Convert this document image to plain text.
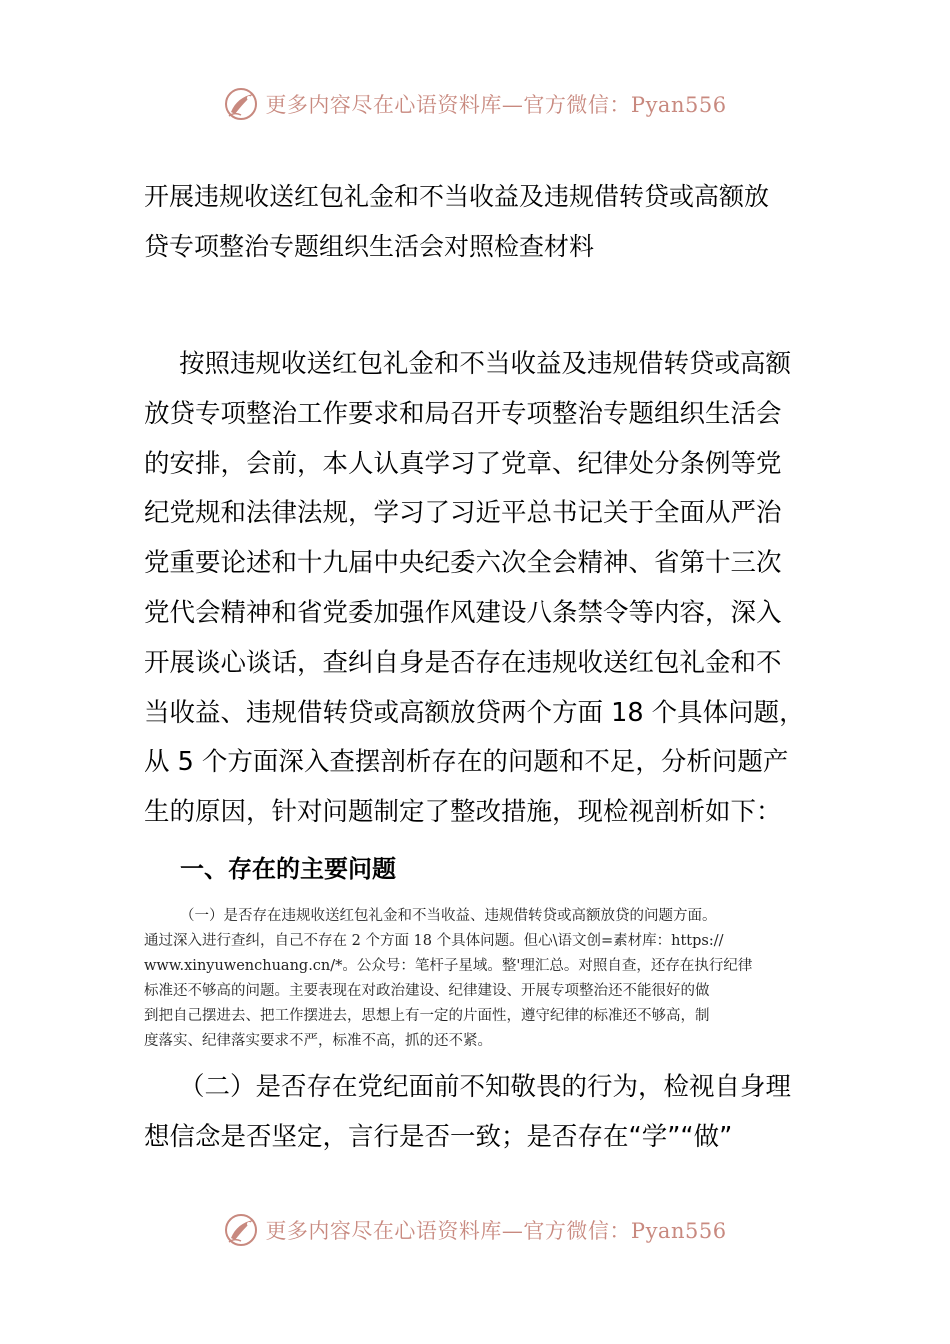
更多内容尽在心语资料库—官方微信：Pyan556
开展违规收送红包礼金和不当收益及违规借转贷或高额放
贷专项整治专题组织生活会对照检查材料
按照违规收送红包礼金和不当收益及违规借转贷或高额
放贷专项整治工作要求和局召开专项整治专题组织生活会
的安排，会前，本人认真学习了党章、纪律处分条例等党
纪党规和法律法规，学习了习近平总书记关于全面从严治
党重要论述和十九届中央纪委六次全会精神、省第十三次
党代会精神和省党委加强作风建设八条禁令等内容，深入
开展谈心谈话，查纠自身是否存在违规收送红包礼金和不
当收益、违规借转贷或高额放贷两个方面 18 个具体问题，
从 5 个方面深入查摆剖析存在的问题和不足，分析问题产
生的原因，针对问题制定了整改措施，现检视剖析如下：
一、存在的主要问题
（一）是否存在违规收送红包礼金和不当收益、违规借转贷或高额放贷的问题方面。
通过深入进行查纠，自己不存在 2 个方面 18 个具体问题。但心\语文创=素材库：https://
www.xinyuwenchuang.cn/*。公众号：笔杆子星域。整'理汇总。对照自查，还存在执行纪律
标准还不够高的问题。主要表现在对政治建设、纪律建设、开展专项整治还不能很好的做
到把自己摆进去、把工作摆进去，思想上有一定的片面性，遵守纪律的标准还不够高，制
度落实、纪律落实要求不严，标准不高，抓的还不紧。
（二）是否存在党纪面前不知敬畏的行为，检视自身理
想信念是否坚定，言行是否一致；是否存在“学”“做”
更多内容尽在心语资料库—官方微信：Pyan556
